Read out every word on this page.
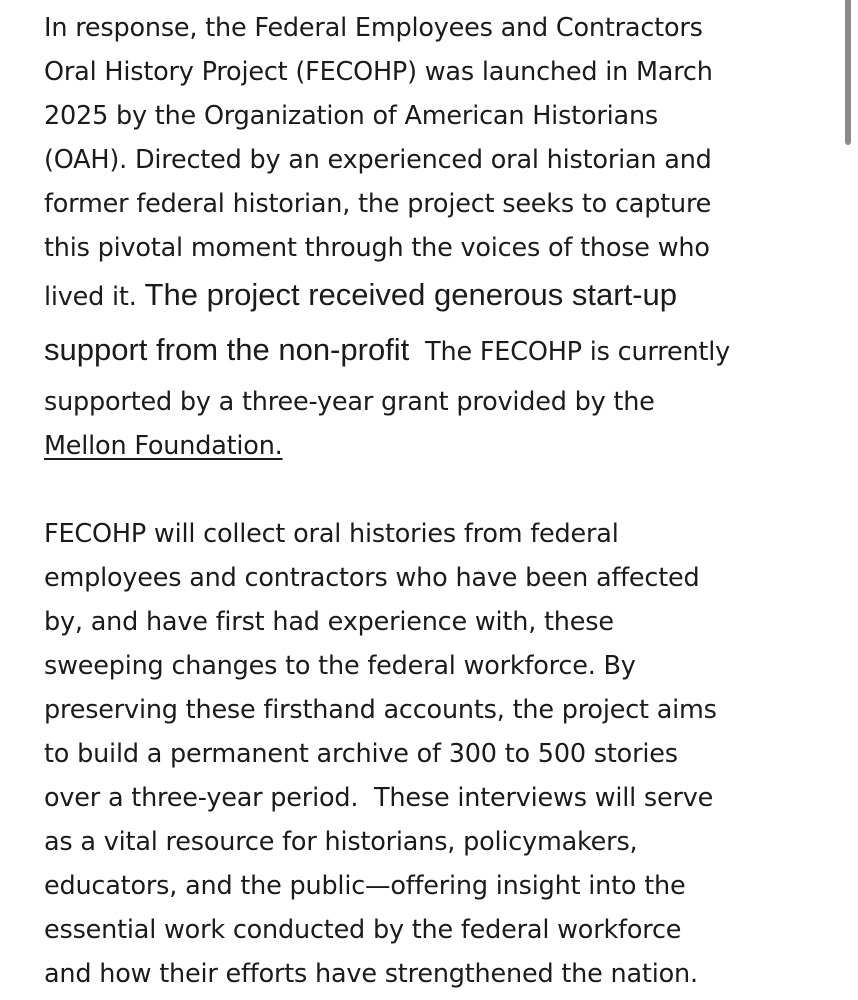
In response, the Federal Employees and Contractors
Oral History Project (FECOHP) was launched in March
2025 by the Organization of American Historians
(OAH). Directed by an experienced oral historian and
former federal historian, the project seeks to capture
this pivotal moment through the voices of those who
lived it. The project received generous start-up
support from the non-profit  The FECOHP is currently
supported by a three-year grant provided by the
Mellon Foundation.

FECOHP will collect oral histories from federal
employees and contractors who have been affected
by, and have first had experience with, these
sweeping changes to the federal workforce. By
preserving these firsthand accounts, the project aims
to build a permanent archive of 300 to 500 stories
over a three-year period.  These interviews will serve
as a vital resource for historians, policymakers,
educators, and the public—offering insight into the
essential work conducted by the federal workforce
and how their efforts have strengthened the nation.
